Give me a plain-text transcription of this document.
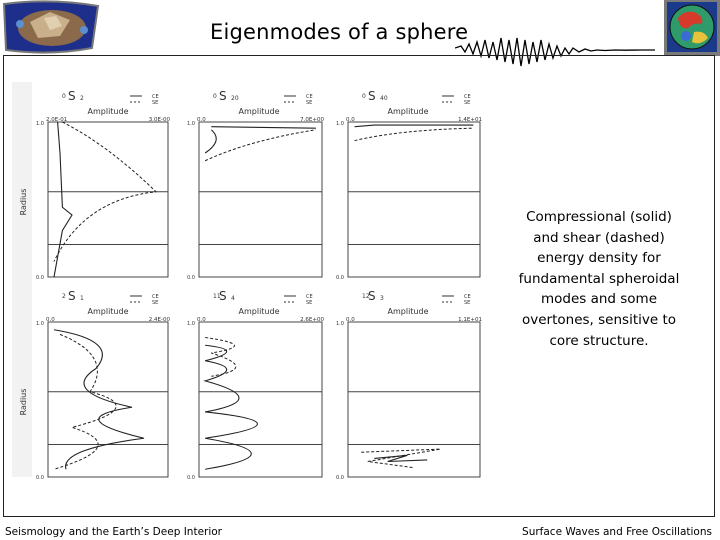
Eigenmodes of a sphere
0 S 2
Amplitude
CE
SE
2.0E-01	3.0E-00
1.0
0.0
0 S 20
Amplitude
CE
SE
0.0	7.0E+00
1.0
0.0
0 S 40
Amplitude
CE
SE
0.0	1.4E+01
1.0
0.0
2 S 1
Amplitude
CE
SE
0.0	2.4E-00
1.0
0.0
11
S 4
Amplitude
CE
SE
0.0	2.6E+00
1.0
0.0
12
S 3
Amplitude
CE
SE
0.0	1.1E+01
1.0
0.0
Radius
Radius
Compressional (solid) and shear (dashed) energy density for fundamental spheroidal modes and some overtones, sensitive to core structure.
Seismology and the Earth’s Deep Interior	Surface Waves and Free Oscillations
